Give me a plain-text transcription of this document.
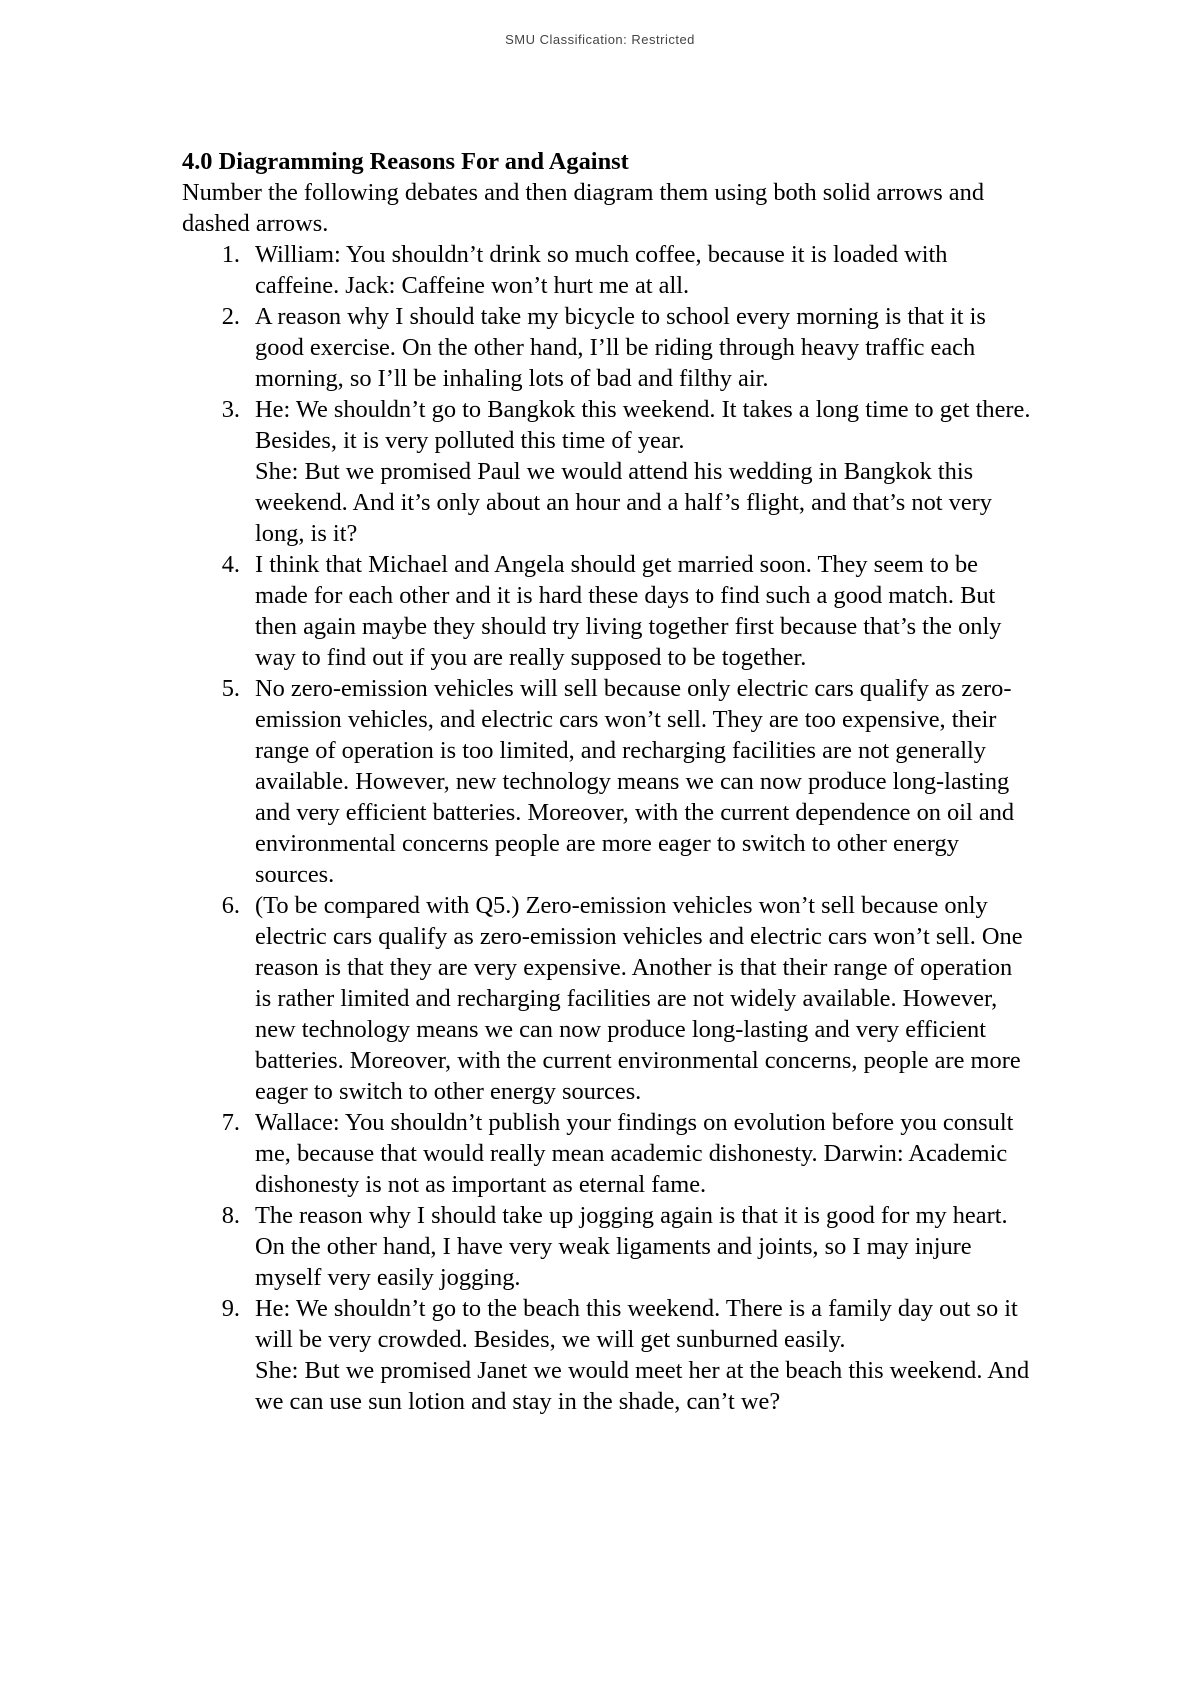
SMU Classification: Restricted

4.0 Diagramming Reasons For and Against

Number the following debates and then diagram them using both solid arrows and dashed arrows.

1. William: You shouldn’t drink so much coffee, because it is loaded with caffeine. Jack: Caffeine won’t hurt me at all.
2. A reason why I should take my bicycle to school every morning is that it is good exercise. On the other hand, I’ll be riding through heavy traffic each morning, so I’ll be inhaling lots of bad and filthy air.
3. He: We shouldn’t go to Bangkok this weekend. It takes a long time to get there. Besides, it is very polluted this time of year.
She: But we promised Paul we would attend his wedding in Bangkok this weekend. And it’s only about an hour and a half’s flight, and that’s not very long, is it?
4. I think that Michael and Angela should get married soon. They seem to be made for each other and it is hard these days to find such a good match. But then again maybe they should try living together first because that’s the only way to find out if you are really supposed to be together.
5. No zero-emission vehicles will sell because only electric cars qualify as zero-emission vehicles, and electric cars won’t sell. They are too expensive, their range of operation is too limited, and recharging facilities are not generally available. However, new technology means we can now produce long-lasting and very efficient batteries. Moreover, with the current dependence on oil and environmental concerns people are more eager to switch to other energy sources.
6. (To be compared with Q5.) Zero-emission vehicles won’t sell because only electric cars qualify as zero-emission vehicles and electric cars won’t sell. One reason is that they are very expensive. Another is that their range of operation is rather limited and recharging facilities are not widely available. However, new technology means we can now produce long-lasting and very efficient batteries. Moreover, with the current environmental concerns, people are more eager to switch to other energy sources.
7. Wallace: You shouldn’t publish your findings on evolution before you consult me, because that would really mean academic dishonesty. Darwin: Academic dishonesty is not as important as eternal fame.
8. The reason why I should take up jogging again is that it is good for my heart. On the other hand, I have very weak ligaments and joints, so I may injure myself very easily jogging.
9. He: We shouldn’t go to the beach this weekend. There is a family day out so it will be very crowded. Besides, we will get sunburned easily.
She: But we promised Janet we would meet her at the beach this weekend. And we can use sun lotion and stay in the shade, can’t we?
